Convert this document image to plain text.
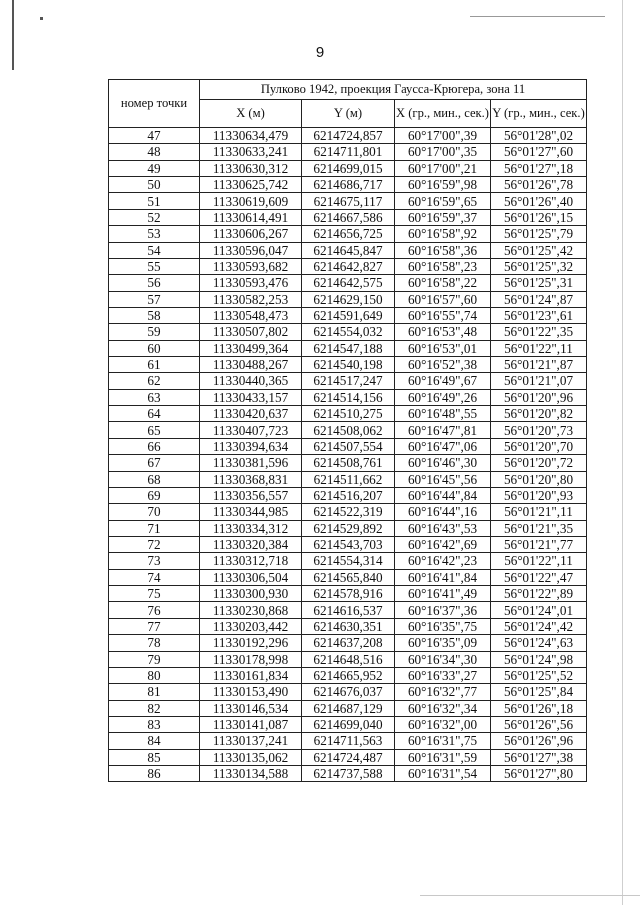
9
номер точки	Пулково 1942, проекция Гаусса-Крюгера, зона 11			
	X (м)	Y (м)	X (гр., мин., сек.)	Y (гр., мин., сек.)
47	11330634,479	6214724,857	60°17'00",39	56°01'28",02
48	11330633,241	6214711,801	60°17'00",35	56°01'27",60
49	11330630,312	6214699,015	60°17'00",21	56°01'27",18
50	11330625,742	6214686,717	60°16'59",98	56°01'26",78
51	11330619,609	6214675,117	60°16'59",65	56°01'26",40
52	11330614,491	6214667,586	60°16'59",37	56°01'26",15
53	11330606,267	6214656,725	60°16'58",92	56°01'25",79
54	11330596,047	6214645,847	60°16'58",36	56°01'25",42
55	11330593,682	6214642,827	60°16'58",23	56°01'25",32
56	11330593,476	6214642,575	60°16'58",22	56°01'25",31
57	11330582,253	6214629,150	60°16'57",60	56°01'24",87
58	11330548,473	6214591,649	60°16'55",74	56°01'23",61
59	11330507,802	6214554,032	60°16'53",48	56°01'22",35
60	11330499,364	6214547,188	60°16'53",01	56°01'22",11
61	11330488,267	6214540,198	60°16'52",38	56°01'21",87
62	11330440,365	6214517,247	60°16'49",67	56°01'21",07
63	11330433,157	6214514,156	60°16'49",26	56°01'20",96
64	11330420,637	6214510,275	60°16'48",55	56°01'20",82
65	11330407,723	6214508,062	60°16'47",81	56°01'20",73
66	11330394,634	6214507,554	60°16'47",06	56°01'20",70
67	11330381,596	6214508,761	60°16'46",30	56°01'20",72
68	11330368,831	6214511,662	60°16'45",56	56°01'20",80
69	11330356,557	6214516,207	60°16'44",84	56°01'20",93
70	11330344,985	6214522,319	60°16'44",16	56°01'21",11
71	11330334,312	6214529,892	60°16'43",53	56°01'21",35
72	11330320,384	6214543,703	60°16'42",69	56°01'21",77
73	11330312,718	6214554,314	60°16'42",23	56°01'22",11
74	11330306,504	6214565,840	60°16'41",84	56°01'22",47
75	11330300,930	6214578,916	60°16'41",49	56°01'22",89
76	11330230,868	6214616,537	60°16'37",36	56°01'24",01
77	11330203,442	6214630,351	60°16'35",75	56°01'24",42
78	11330192,296	6214637,208	60°16'35",09	56°01'24",63
79	11330178,998	6214648,516	60°16'34",30	56°01'24",98
80	11330161,834	6214665,952	60°16'33",27	56°01'25",52
81	11330153,490	6214676,037	60°16'32",77	56°01'25",84
82	11330146,534	6214687,129	60°16'32",34	56°01'26",18
83	11330141,087	6214699,040	60°16'32",00	56°01'26",56
84	11330137,241	6214711,563	60°16'31",75	56°01'26",96
85	11330135,062	6214724,487	60°16'31",59	56°01'27",38
86	11330134,588	6214737,588	60°16'31",54	56°01'27",80
